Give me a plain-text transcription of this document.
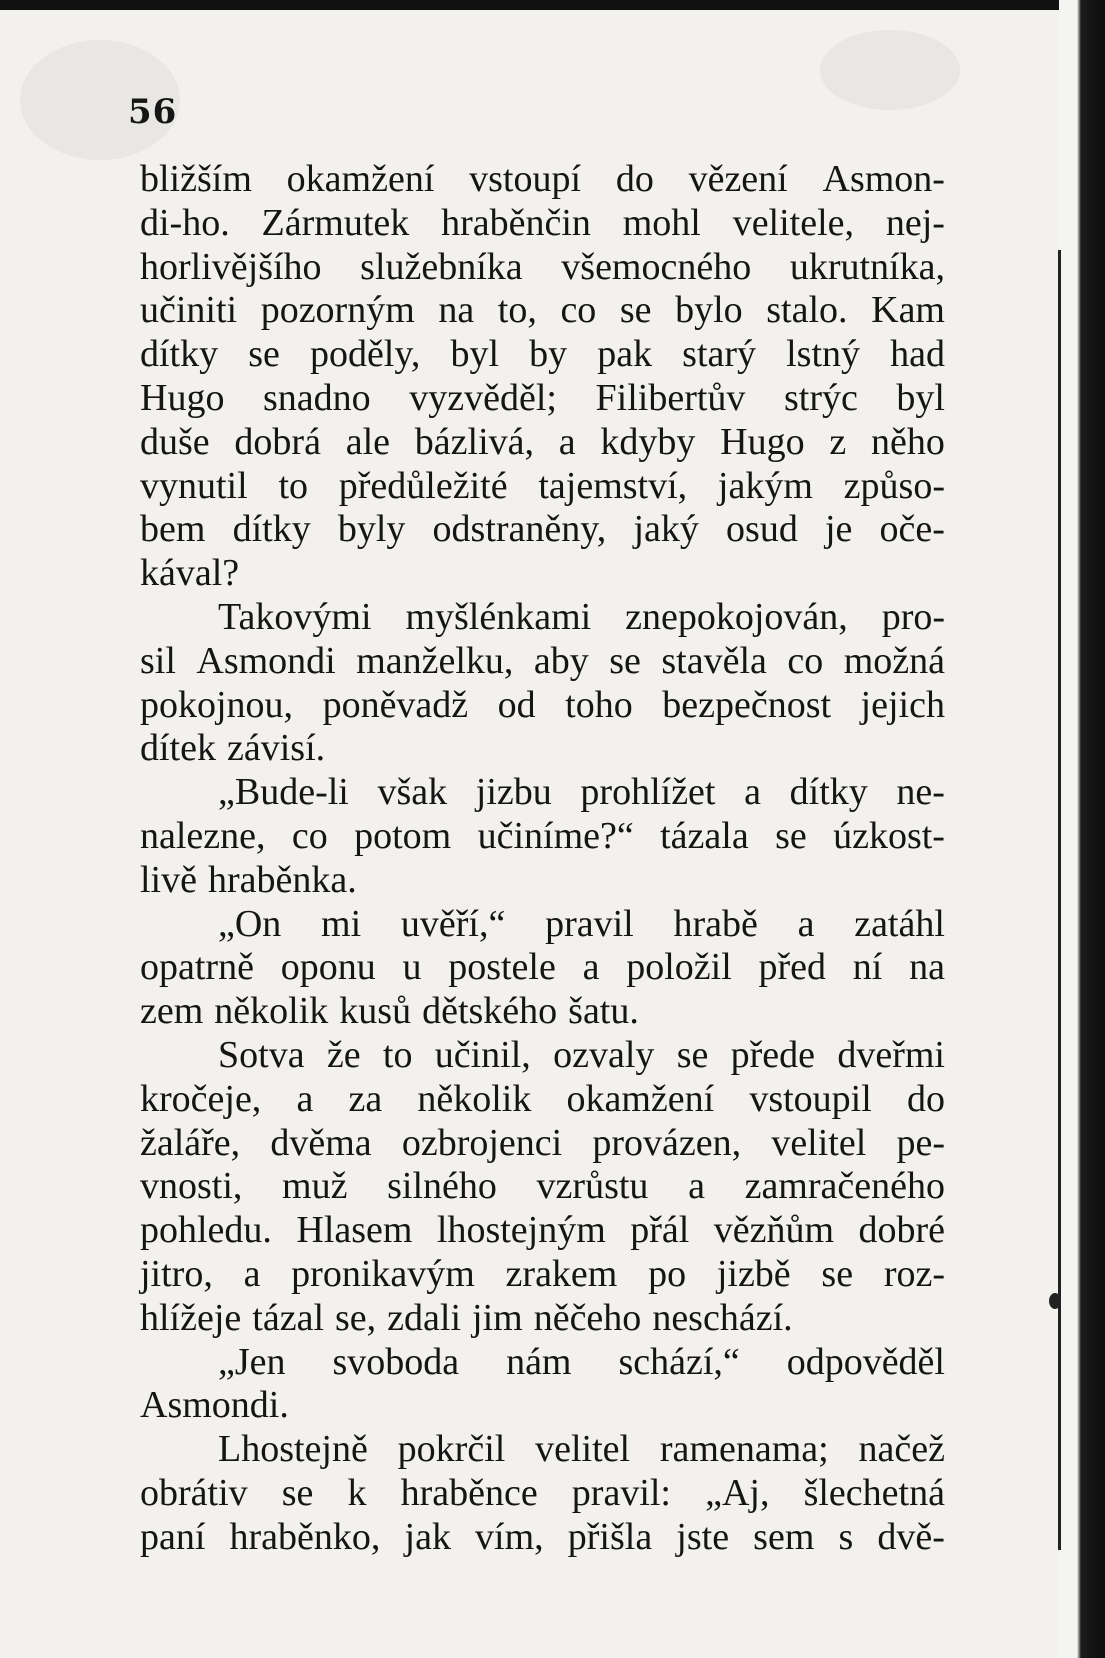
56
bližším okamžení vstoupí do vězení Asmon-
di-ho. Zármutek hraběnčin mohl velitele, nej-
horlivějšího služebníka všemocného ukrutníka,
učiniti pozorným na to, co se bylo stalo. Kam
dítky se poděly, byl by pak starý lstný had
Hugo snadno vyzvěděl; Filibertův strýc byl
duše dobrá ale bázlivá, a kdyby Hugo z něho
vynutil to předůležité tajemství, jakým způso-
bem dítky byly odstraněny, jaký osud je oče-
kával?
Takovými myšlénkami znepokojován, pro-
sil Asmondi manželku, aby se stavěla co možná
pokojnou, poněvadž od toho bezpečnost jejich
dítek závisí.
„Bude-li však jizbu prohlížet a dítky ne-
nalezne, co potom učiníme?“ tázala se úzkost-
livě hraběnka.
„On mi uvěří,“ pravil hrabě a zatáhl
opatrně oponu u postele a položil před ní na
zem několik kusů dětského šatu.
Sotva že to učinil, ozvaly se přede dveřmi
kročeje, a za několik okamžení vstoupil do
žaláře, dvěma ozbrojenci provázen, velitel pe-
vnosti, muž silného vzrůstu a zamračeného
pohledu. Hlasem lhostejným přál vězňům dobré
jitro, a pronikavým zrakem po jizbě se roz-
hlížeje tázal se, zdali jim něčeho neschází.
„Jen svoboda nám schází,“ odpověděl
Asmondi.
Lhostejně pokrčil velitel ramenama; načež
obrátiv se k hraběnce pravil: „Aj, šlechetná
paní hraběnko, jak vím, přišla jste sem s dvě-
